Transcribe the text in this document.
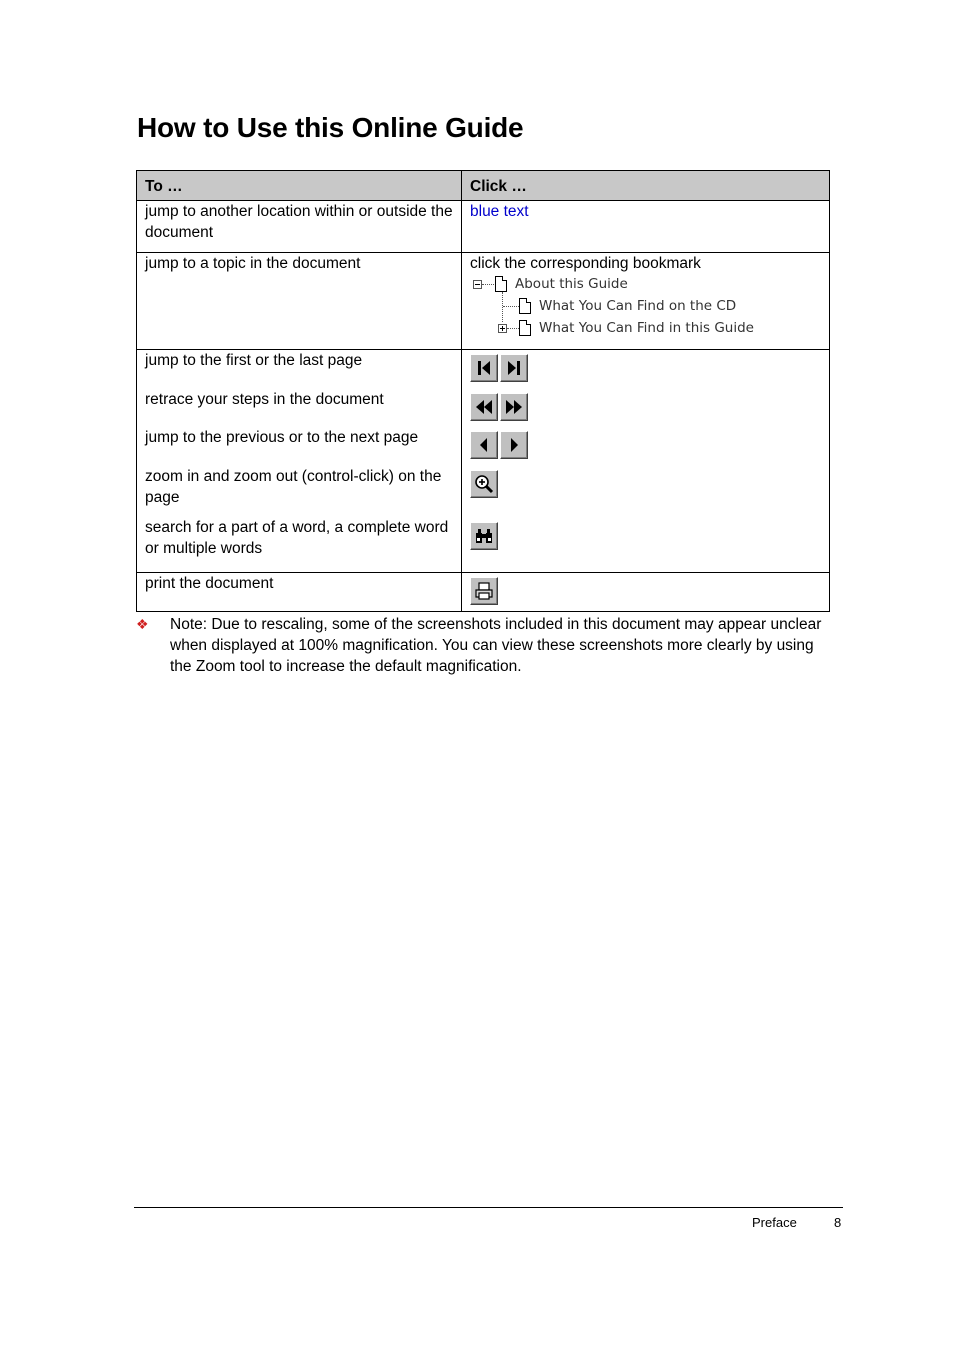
How to Use this Online Guide
To …	Click …
jump to another location within or outside the document	blue text
jump to a topic in the document	click the corresponding bookmark
About this Guide
What You Can Find on the CD
What You Can Find in this Guide

jump to the first or the last page
retrace your steps in the document
jump to the previous or to the next page
zoom in and zoom out (control-click) on the page
search for a part of a word, a complete word or multiple words

print the document	
❖ Note: Due to rescaling, some of the screenshots included in this document may appear unclear when displayed at 100% magnification. You can view these screenshots more clearly by using the Zoom tool to increase the default magnification.
Preface	8
